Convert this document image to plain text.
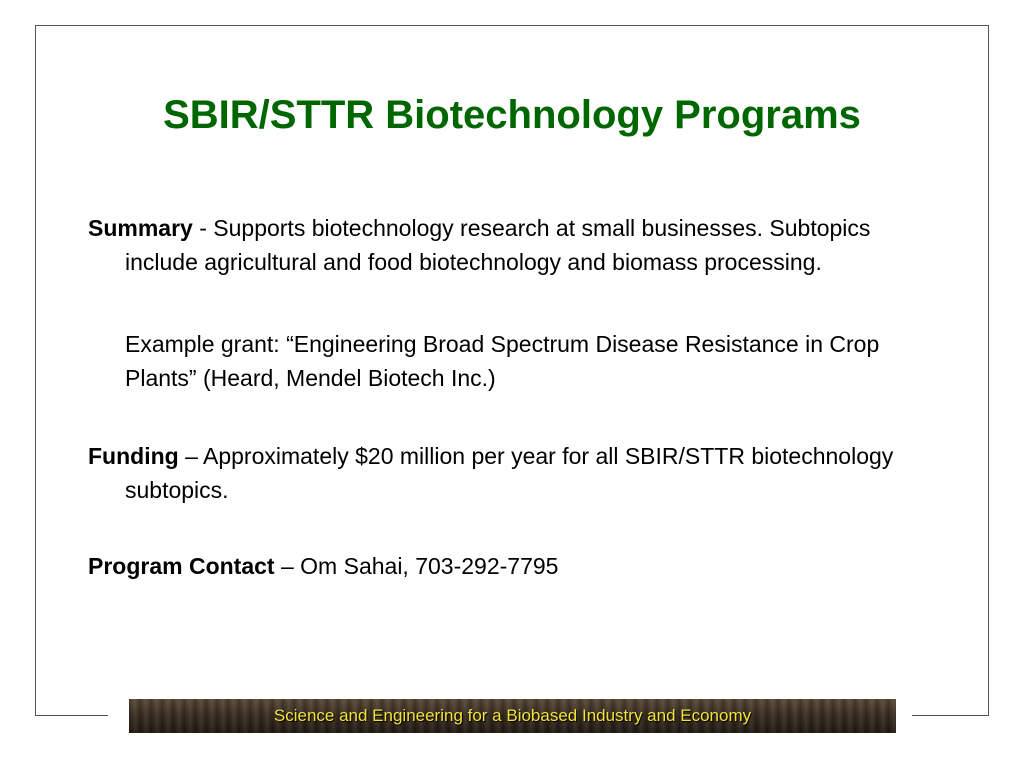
SBIR/STTR Biotechnology Programs

Summary - Supports biotechnology research at small businesses. Subtopics include agricultural and food biotechnology and biomass processing.

Example grant: “Engineering Broad Spectrum Disease Resistance in Crop Plants” (Heard, Mendel Biotech Inc.)

Funding – Approximately $20 million per year for all SBIR/STTR biotechnology subtopics.

Program Contact – Om Sahai, 703-292-7795

Science and Engineering for a Biobased Industry and Economy
